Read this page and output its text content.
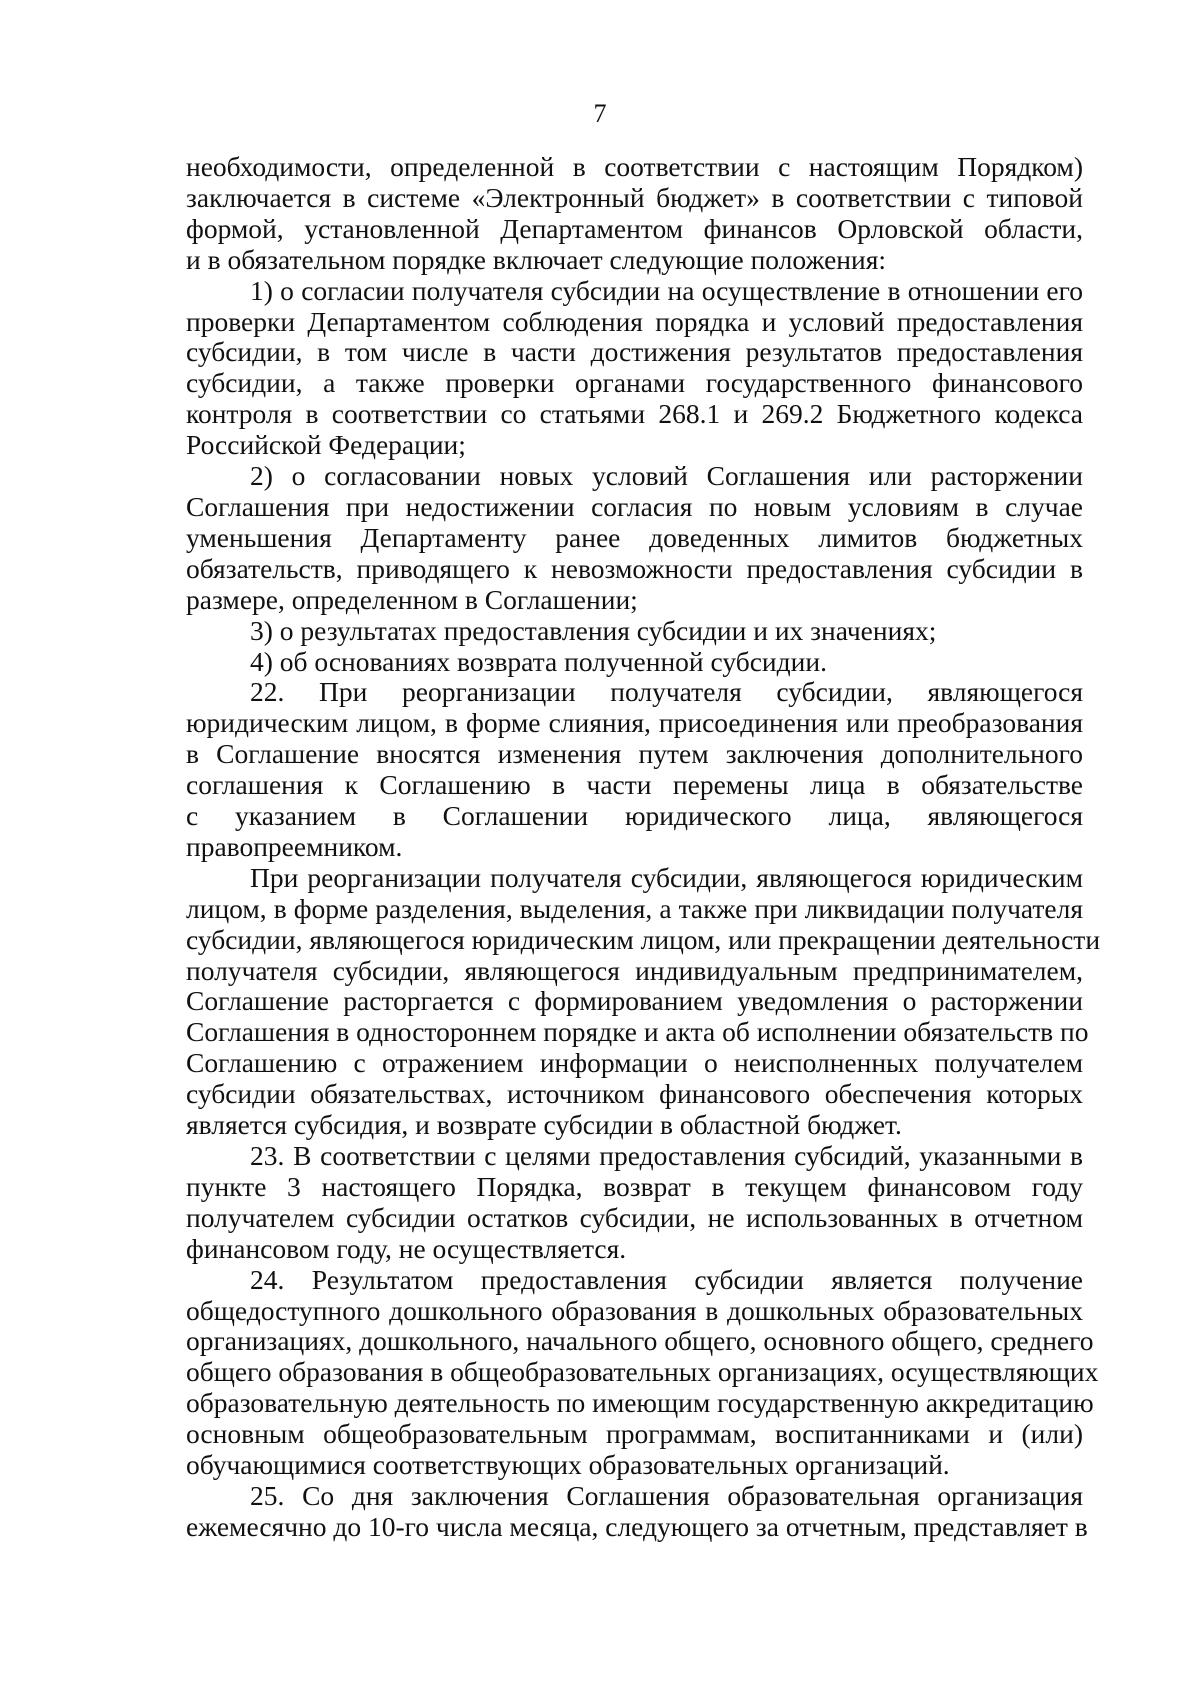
7

необходимости, определенной в соответствии с настоящим Порядком)
заключается в системе «Электронный бюджет» в соответствии с типовой
формой, установленной Департаментом финансов Орловской области,
и в обязательном порядке включает следующие положения:

1) о согласии получателя субсидии на осуществление в отношении его
проверки Департаментом соблюдения порядка и условий предоставления
субсидии, в том числе в части достижения результатов предоставления
субсидии, а также проверки органами государственного финансового
контроля в соответствии со статьями 268.1 и 269.2 Бюджетного кодекса
Российской Федерации;

2) о согласовании новых условий Соглашения или расторжении
Соглашения при недостижении согласия по новым условиям в случае
уменьшения Департаменту ранее доведенных лимитов бюджетных
обязательств, приводящего к невозможности предоставления субсидии в
размере, определенном в Соглашении;

3) о результатах предоставления субсидии и их значениях;

4) об основаниях возврата полученной субсидии.

22. При реорганизации получателя субсидии, являющегося
юридическим лицом, в форме слияния, присоединения или преобразования
в Соглашение вносятся изменения путем заключения дополнительного
соглашения к Соглашению в части перемены лица в обязательстве
с указанием в Соглашении юридического лица, являющегося
правопреемником.

При реорганизации получателя субсидии, являющегося юридическим
лицом, в форме разделения, выделения, а также при ликвидации получателя
субсидии, являющегося юридическим лицом, или прекращении деятельности
получателя субсидии, являющегося индивидуальным предпринимателем,
Соглашение расторгается с формированием уведомления о расторжении
Соглашения в одностороннем порядке и акта об исполнении обязательств по
Соглашению с отражением информации о неисполненных получателем
субсидии обязательствах, источником финансового обеспечения которых
является субсидия, и возврате субсидии в областной бюджет.

23. В соответствии с целями предоставления субсидий, указанными в
пункте 3 настоящего Порядка, возврат в текущем финансовом году
получателем субсидии остатков субсидии, не использованных в отчетном
финансовом году, не осуществляется.

24. Результатом предоставления субсидии является получение
общедоступного дошкольного образования в дошкольных образовательных
организациях, дошкольного, начального общего, основного общего, среднего
общего образования в общеобразовательных организациях, осуществляющих
образовательную деятельность по имеющим государственную аккредитацию
основным общеобразовательным программам, воспитанниками и (или)
обучающимися соответствующих образовательных организаций.

25. Со дня заключения Соглашения образовательная организация
ежемесячно до 10-го числа месяца, следующего за отчетным, представляет в
